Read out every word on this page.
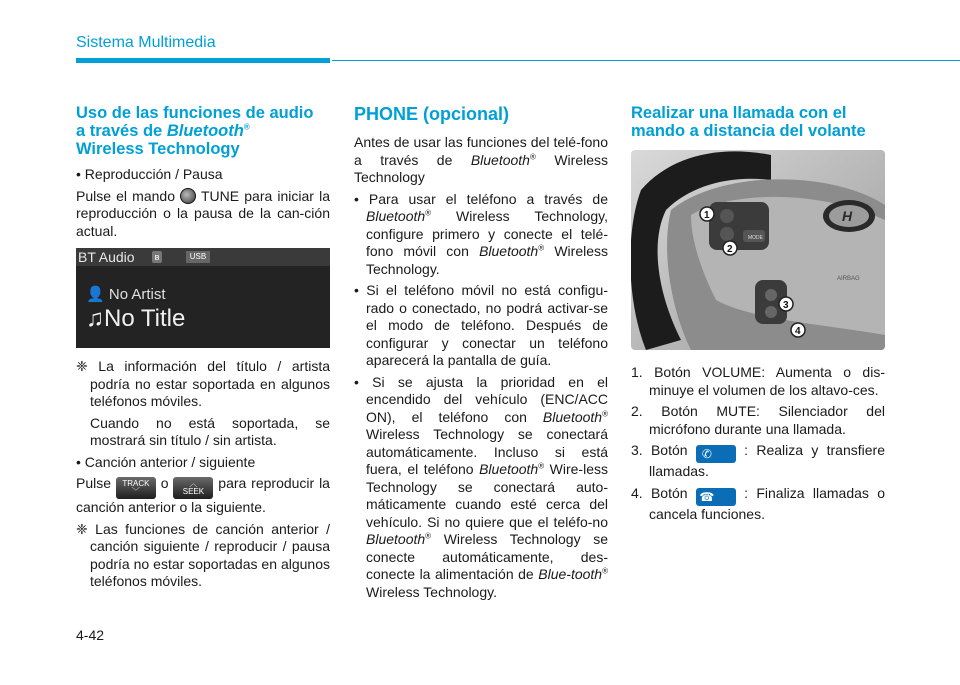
Sistema Multimedia
Uso de las funciones de audio
a través de Bluetooth®
Wireless Technology
• Reproducción / Pausa

Pulse el mando  TUNE para iniciar la reproducción o la pausa de la can-ción actual.

BT Audio ʙ	USB
👤 No Artist
♫No Title
❈ La información del título / artista podría no estar soportada en algunos teléfonos móviles.
Cuando no está soportada, se mostrará sin título / sin artista.
• Canción anterior / siguiente

Pulse TRACK
﹀
o	︿
SEEK para reproducir la canción anterior o la siguiente.

❈ Las funciones de canción anterior / canción siguiente / reproducir / pausa podría no estar soportadas en algunos teléfonos móviles.
PHONE (opcional)

Antes de usar las funciones del telé-fono a través de Bluetooth® Wireless Technology

• Para usar el teléfono a través de Bluetooth® Wireless Technology, configure primero y conecte el telé-fono móvil con Bluetooth® Wireless Technology.
• Si el teléfono móvil no está configu-rado o conectado, no podrá activar-se el modo de teléfono. Después de configurar y conectar un teléfono aparecerá la pantalla de guía.
• Si se ajusta la prioridad en el encendido del vehículo (ENC/ACC ON), el teléfono con Bluetooth® Wireless Technology se conectará automáticamente. Incluso si está fuera, el teléfono Bluetooth® Wire-less Technology se conectará auto-máticamente cuando esté cerca del vehículo. Si no quiere que el teléfo-no Bluetooth® Wireless Technology se conecte automáticamente, des-conecte la alimentación de Blue-tooth® Wireless Technology.
Realizar una llamada con el
mando a distancia del volante
MODE
H
AIRBAG
1
2
3
4
1. Botón VOLUME: Aumenta o dis-minuye el volumen de los altavo-ces.
2. Botón MUTE: Silenciador del micrófono durante una llamada.
3. Botón ✆ : Realiza y transfiere llamadas.
4. Botón ☎ : Finaliza llamadas o cancela funciones.
4-42
